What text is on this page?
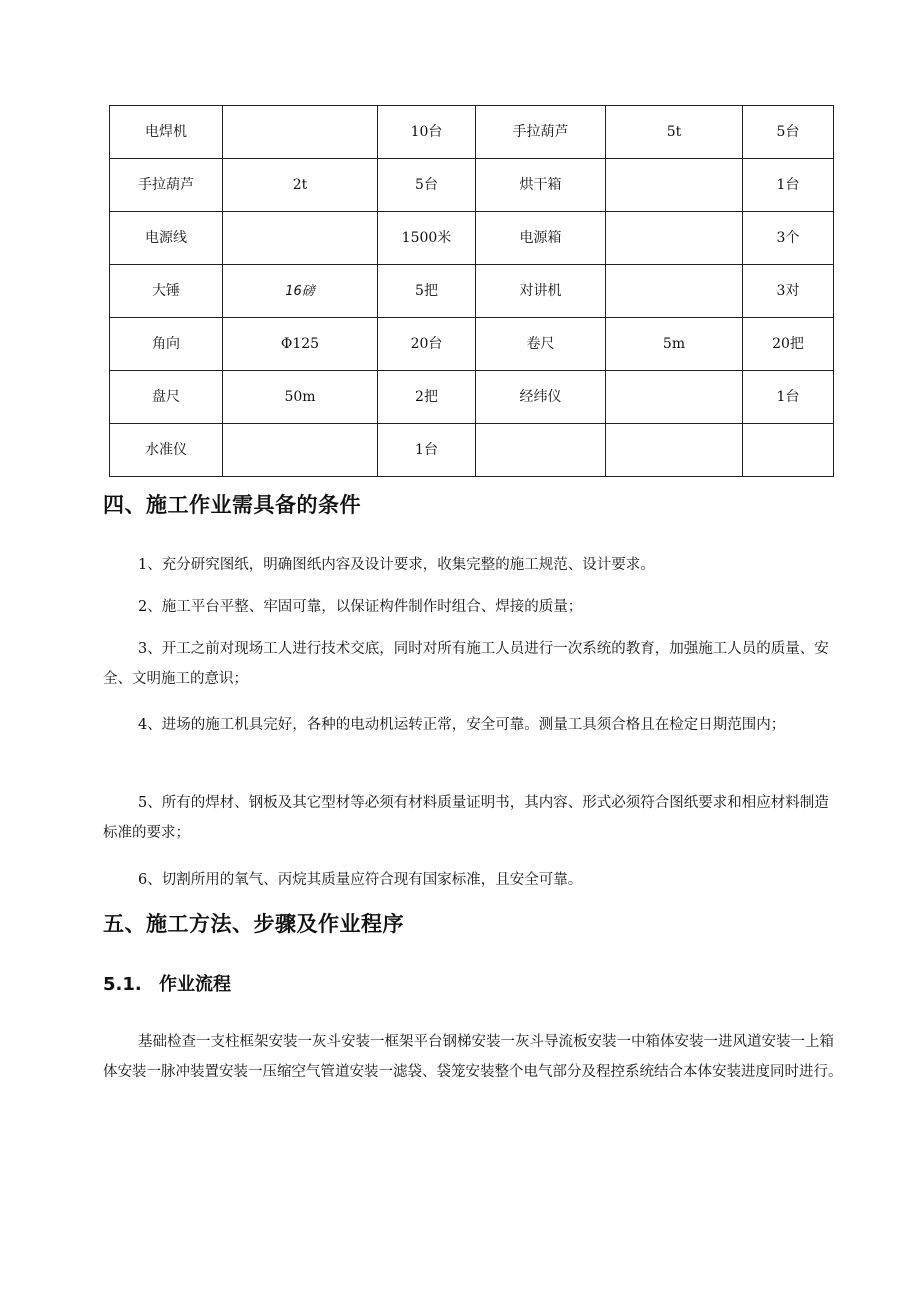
电焊机		10台	手拉葫芦	5t	5台
手拉葫芦	2t	5台	烘干箱		1台
电源线		1500米	电源箱		3个
大锤	16磅	5把	对讲机		3对
角向	Φ125	20台	卷尺	5m	20把
盘尺	50m	2把	经纬仪		1台
水准仪		1台			
四、施工作业需具备的条件

1、充分研究图纸，明确图纸内容及设计要求，收集完整的施工规范、设计要求。

2、施工平台平整、牢固可靠，以保证构件制作时组合、焊接的质量；

3、开工之前对现场工人进行技术交底，同时对所有施工人员进行一次系统的教育，加强施工人员的质量、安全、文明施工的意识；

4、进场的施工机具完好，各种的电动机运转正常，安全可靠。测量工具须合格且在检定日期范围内；

5、所有的焊材、钢板及其它型材等必须有材料质量证明书，其内容、形式必须符合图纸要求和相应材料制造标准的要求；

6、切割所用的氧气、丙烷其质量应符合现有国家标准，且安全可靠。

五、施工方法、步骤及作业程序
5.1. 作业流程

基础检查一支柱框架安装一灰斗安装一框架平台钢梯安装一灰斗导流板安装一中箱体安装一进风道安装一上箱体安装一脉冲装置安装一压缩空气管道安装一滤袋、袋笼安装整个电气部分及程控系统结合本体安装进度同时进行。
